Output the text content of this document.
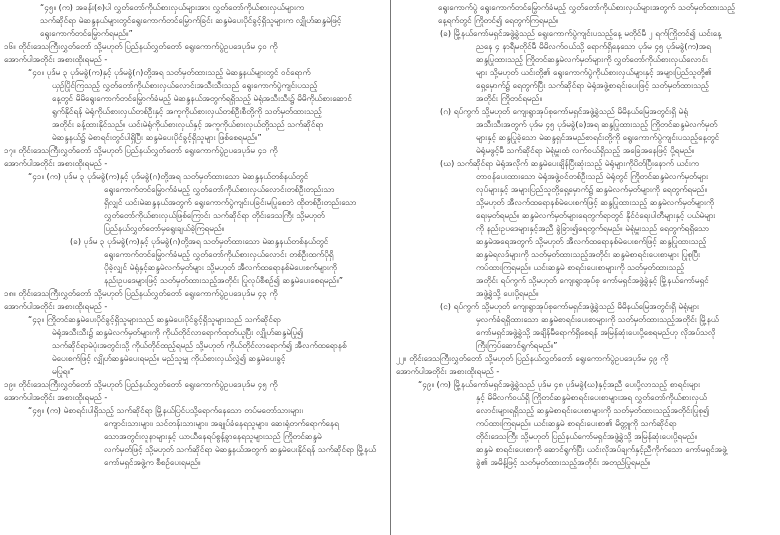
“၄၅။ (က) အခန်း(၈)ပါ လွှတ်တော်ကိုယ်စားလှယ်များအား လွှတ်တော်ကိုယ်စားလှယ်များက
သက်ဆိုင်ရာ မဲဆန္ဒနယ်များတွင်ရွေးကောက်တင်မြှောက်ခြင်း ဆန္ဒမဲပေးပိုင်ခွင့်ရှိသူများက လျှိုဟ်ဆန္ဒမဲဖြင့်
ရွေးကောက်တင်မြှောက်ရမည်။”
၁၆။ တိုင်းဒေသကြီးလွှတ်တော် သို့မဟုတ် ပြည်နယ်လွှတ်တော် ရွေးကောက်ပွဲဥပဒေပုဒ်မ ၄၀ ကို
အောက်ပါအတိုင်း အစားထိုးရမည် -
“၄၀။ ပုဒ်မ ၃ ပုဒ်မခွဲ(က)နှင့် ပုဒ်မခွဲ(ဂ)တို့အရ သတ်မှတ်ထားသည့် မဲဆန္ဒနယ်များတွင် ဝင်ရောက်
ယှဉ်ပြိုင်ကြသည့် လွှတ်တော်ကိုယ်စားလှယ်လောင်းအသီးသီးသည် ရွေးကောက်ပွဲကျင်းပသည့်
နေ့တွင် မိမိရွေးကောက်တင်မြှောက်ခံမည့် မဲဆန္ဒနယ်အတွက်ရရှိသည့် မဲရုံအသီးသီး၌ မိမိကိုယ်စားဆောင်
ရွက်နိုင်ရန် မဲရုံကိုယ်စားလှယ်တစ်ဦးနှင့် အကူကိုယ်စားလှယ်တစ်ဦးစီတို့ကို သတ်မှတ်ထားသည့်
အတိုင်း ခန့်ထားနိုင်သည်။ ယင်းမဲရုံကိုယ်စားလှယ်နှင့် အကူကိုယ်စားလှယ်တို့သည် သက်ဆိုင်ရာ
မဲဆန္ဒနယ်၌ မဲစာရင်းတွင်ပါရှိပြီး ဆန္ဒမဲပေးပိုင်ခွင့်ရှိသူများ ဖြစ်စေရမည်။”
၁၇။ တိုင်းဒေသကြီးလွှတ်တော် သို့မဟုတ် ပြည်နယ်လွှတ်တော် ရွေးကောက်ပွဲဥပဒေပုဒ်မ ၄၁ ကို
အောက်ပါအတိုင်း အစားထိုးရမည် -
“၄၁။ (က) ပုဒ်မ ၃ ပုဒ်မခွဲ(က)နှင့် ပုဒ်မခွဲ(ဂ)တို့အရ သတ်မှတ်ထားသော မဲဆန္ဒနယ်တစ်နယ်တွင်
ရွေးကောက်တင်မြှောက်ခံမည့် လွှတ်တော်ကိုယ်စားလှယ်လောင်းတစ်ဦးတည်းသာ
ရှိလျှင် ယင်းမဲဆန္ဒနယ်အတွက် ရွေးကောက်ပွဲကျင်းပခြင်းမပြုစေဘဲ ထိုတစ်ဦးတည်းသော
လွှတ်တော်ကိုယ်စားလှယ်ဖြစ်ကြောင်း သက်ဆိုင်ရာ တိုင်းဒေသကြီး သို့မဟုတ်
ပြည်နယ်လွှတ်တော်မှရွေးချယ်ခဲ့ကြရမည်။
(ခ) ပုဒ်မ ၃ ပုဒ်မခွဲ(က)နှင့် ပုဒ်မခွဲ(ဂ)တို့အရ သတ်မှတ်ထားသော မဲဆန္ဒနယ်တစ်နယ်တွင်
ရွေးကောက်တင်မြှောက်ခံမည့် လွှတ်တော်ကိုယ်စားလှယ်လောင်း တစ်ဦးထက်ပိုရှိ
ပိုခဲ့လျှင် မဲရုံနှင့်ဆန္ဒမဲလက်မှတ်များ သို့မဟုတ် အီလက်ထရောနစ်မဲပေးစက်များကို
နည်းဥပဒေများဖြင့် သတ်မှတ်ထားသည့်အတိုင်း ပြုလုပ်စီစဉ်၍ ဆန္ဒမဲပေးစေရမည်။”
၁၈။ တိုင်းဒေသကြီးလွှတ်တော် သို့မဟုတ် ပြည်နယ်လွှတ်တော် ရွေးကောက်ပွဲဥပဒေပုဒ်မ ၄၃ ကို
အောက်ပါအတိုင်း အစားထိုးရမည် -
“၄၃။ ကြိုတင်ဆန္ဒမဲပေးပိုင်ခွင့်ရှိသူများသည် ဆန္ဒမဲပေးပိုင်ခွင့်ရှိသူများသည် သက်ဆိုင်ရာ
မဲရုံအသီးသီး၌ ဆန္ဒမဲလက်မှတ်များကို ကိုယ်တိုင်လာရောက်ထုတ်ယူပြီး လျှိုဟ်ဆန္ဒမဲပြု၍
သက်ဆိုင်ရာမဲပုံးအတွင်းသို့ ကိုယ်တိုင်ထည့်ရမည် သို့မဟုတ် ကိုယ်တိုင်လာရောက်၍ အီလက်ထရောနစ်
မဲပေးစက်ဖြင့် လျှိုဟ်ဆန္ဒမဲပေးရမည်။ မည်သူမျှ ကိုယ်စားလှယ်လွှဲ၍ ဆန္ဒမဲပေးခွင့်
မပြုရ။”
၁၉။ တိုင်းဒေသကြီးလွှတ်တော် သို့မဟုတ် ပြည်နယ်လွှတ်တော် ရွေးကောက်ပွဲဥပဒေပုဒ်မ ၄၅ ကို
အောက်ပါအတိုင်း အစားထိုးရမည် -
“၄၅။ (က) မဲစာရင်းပါရှိသည့် သက်ဆိုင်ရာ မြို့နယ်ပြင်ပသို့ရောက်နေသော တပ်မတော်သားများ၊
ကျောင်းသားများ၊ သင်တန်းသားများ၊ အချုပ်ခံနေရသူများ၊ ဆေးရုံတက်ရောက်နေရ
သောအတွင်းလူနာများနှင့် ယာယီနေရပ်စွန့်ခွာနေရသူများသည် ကြိုတင်ဆန္ဒမဲ
လက်မှတ်ဖြင့် သို့မဟုတ် သက်ဆိုင်ရာ မဲဆန္ဒနယ်အတွက် ဆန္ဒမဲပေးနိုင်ရန် သက်ဆိုင်ရာ မြို့နယ်
ကော်မရှင်အဖွဲ့က စီစဉ်ပေးရမည်။
ရွေးကောက်ပွဲ ရွေးကောက်တင်မြှောက်ခံမည့် လွှတ်တော်ကိုယ်စားလှယ်များအတွက် သတ်မှတ်ထားသည့်
နေ့ရက်တွင် ကြိုတင်၍ ရေတွက်ကြရမည်။
(ခ) မြို့နယ်ကော်မရှင်အဖွဲ့ခွဲသည် ရွေးကောက်ပွဲကျင်းပသည့်နေ့ မတိုင်မီ ၂ ရက်ကြိုတင်၍ ယင်းနေ့
ညနေ ၄ နာရီမတိုင်မီ မိမိလက်ဝယ်သို့ ရောက်ရှိနေသော ပုဒ်မ ၄၅ ပုဒ်မခွဲ(က)အရ
ဆန္ဒပြုထားသည့် ကြိုတင်ဆန္ဒမဲလက်မှတ်များကို လွှတ်တော်ကိုယ်စားလှယ်လောင်း
များ သို့မဟုတ် ယင်းတို့၏ ရွေးကောက်ပွဲကိုယ်စားလှယ်များနှင့် အများပြည်သူတို့၏
ရှေ့မှောက်၌ ရေတွက်ပြီး သက်ဆိုင်ရာ မဲရုံအဖွဲ့စာရင်းပေးဖြင့် သတ်မှတ်ထားသည့်
အတိုင်း ကြိုတင်ရမည်။
(ဂ) ရပ်ကွက် သို့မဟုတ် ကျေးရွာအုပ်စုကော်မရှင်အဖွဲ့ခွဲသည် မိမိနယ်မြေအတွင်းရှိ မဲရုံ
အသီးသီးအတွက် ပုဒ်မ ၄၅ ပုဒ်မခွဲ(ခ)အရ ဆန္ဒပြုထားသည့် ကြိုတင်ဆန္ဒမဲလက်မှတ်
များနှင့် ဆန္ဒပြုခဲ့သော မဲဆန္ဒရှင်အမည်စာရင်းတို့ကို ရွေးကောက်ပွဲကျင်းပသည့်နေ့တွင်
မဲရုံမဖွင့်မီ သက်ဆိုင်ရာ မဲရုံမှူးထံ လက်ဝယ်ရှိသည့် အခြေအနေဖြင့် ပို့ရမည်။
(ဃ) သက်ဆိုင်ရာ မဲရုံအလိုက် ဆန္ဒမဲပေးချိန်ပြီးဆုံးသည့် မဲရုံများကိုပိတ်ပြီးနောက် ယင်းက
တာဝန်ပေးထားသော မဲရုံအဖွဲ့ဝင်တစ်ဦးသည် မဲရုံတွင် ကြိုတင်ဆန္ဒမဲလက်မှတ်များ
လုပ်များနှင့် အများပြည်သူတို့ရှေ့မှောက်၌ ဆန္ဒမဲလက်မှတ်များကို ရေတွက်ရမည်။
သို့မဟုတ် အီလက်ထရောနစ်မဲပေးစက်ဖြင့် ဆန္ဒပြုထားသည့် ဆန္ဒမဲလက်မှတ်များကို
ရေးမှတ်ရမည်။ ဆန္ဒမဲလက်မှတ်များရေတွက်ရာတွင် နိုင်ငံရေးပါတီများနှင့် ပယ်မဲများ
ကို နည်းဥပဒေများနှင့်အညီ ခွဲခြား၍ရေတွက်ရမည်။ မဲရုံမှူးသည် ရေတွက်ရရှိသော
ဆန္ဒမဲအရေအတွက် သို့မဟုတ် အီလက်ထရောနစ်မဲပေးစက်ဖြင့် ဆန္ဒပြုထားသည့်
ဆန္ဒမဲရလဒ်များကို သတ်မှတ်ထားသည့်အတိုင်း ဆန္ဒမဲစာရင်းပေးစာများ ပြုစုပြီး
ကပ်ထားကြရမည်။ ယင်းဆန္ဒမဲ စာရင်းပေးစာများကို သတ်မှတ်ထားသည့်
အတိုင်း ရပ်ကွက် သို့မဟုတ် ကျေးရွာအုပ်စု ကော်မရှင်အဖွဲ့ခွဲနှင့် မြို့နယ်ကော်မရှင်
အဖွဲ့ခွဲသို့ ပေးပို့ရမည်။
(င) ရပ်ကွက် သို့မဟုတ် ကျေးရွာအုပ်စုကော်မရှင်အဖွဲ့ခွဲသည် မိမိနယ်မြေအတွင်းရှိ မဲရုံများ
မှလက်ခံရရှိထားသော ဆန္ဒမဲစာရင်းပေးစာများကို သတ်မှတ်ထားသည့်အတိုင်း မြို့နယ်
ကော်မရှင်အဖွဲ့ခွဲသို့ အချိန်မီရောက်ရှိစေရန် အမြန်ဆုံးပေးပို့စေရမည်ဟု လိုအပ်သလို
ကြီးကြပ်ဆောင်ရွက်ရမည်။”
၂၂။ တိုင်းဒေသကြီးလွှတ်တော် သို့မဟုတ် ပြည်နယ်လွှတ်တော် ရွေးကောက်ပွဲဥပဒေပုဒ်မ ၄၉ ကို
အောက်ပါအတိုင်း အစားထိုးရမည် -
“၄၉။ (က) မြို့နယ်ကော်မရှင်အဖွဲ့ခွဲသည် ပုဒ်မ ၄၈ ပုဒ်မခွဲ(ဃ)နှင့်အညီ ပေးပို့လာသည့် စာရင်းများ
နှင့် မိမိလက်ဝယ်ရှိ ကြိုတင်ဆန္ဒမဲစာရင်းပေးစာများအရ လွှတ်တော်ကိုယ်စားလှယ်
လောင်းများရရှိသည့် ဆန္ဒမဲစာရင်းပေးစာများကို သတ်မှတ်ထားသည့်အတိုင်းပြုစု၍
ကပ်ထားကြရမည်။ ယင်းဆန္ဒမဲ စာရင်းပေးစာ၏ မိတ္တူကို သက်ဆိုင်ရာ
တိုင်းဒေသကြီး သို့မဟုတ် ပြည်နယ်ကော်မရှင်အဖွဲ့ခွဲသို့ အမြန်ဆုံးပေးပို့ရမည်။
ဆန္ဒမဲ စာရင်းပေးစာကို ဆောင်ရွက်ပြီး ယင်းလိုအပ်ချက်နှင့်ညီကိုက်သော ကော်မရှင်အဖွဲ့
ခွဲ၏ အမိန့်ဖြင့် သတ်မှတ်ထားသည့်အတိုင်း အတည်ပြုရမည်။
